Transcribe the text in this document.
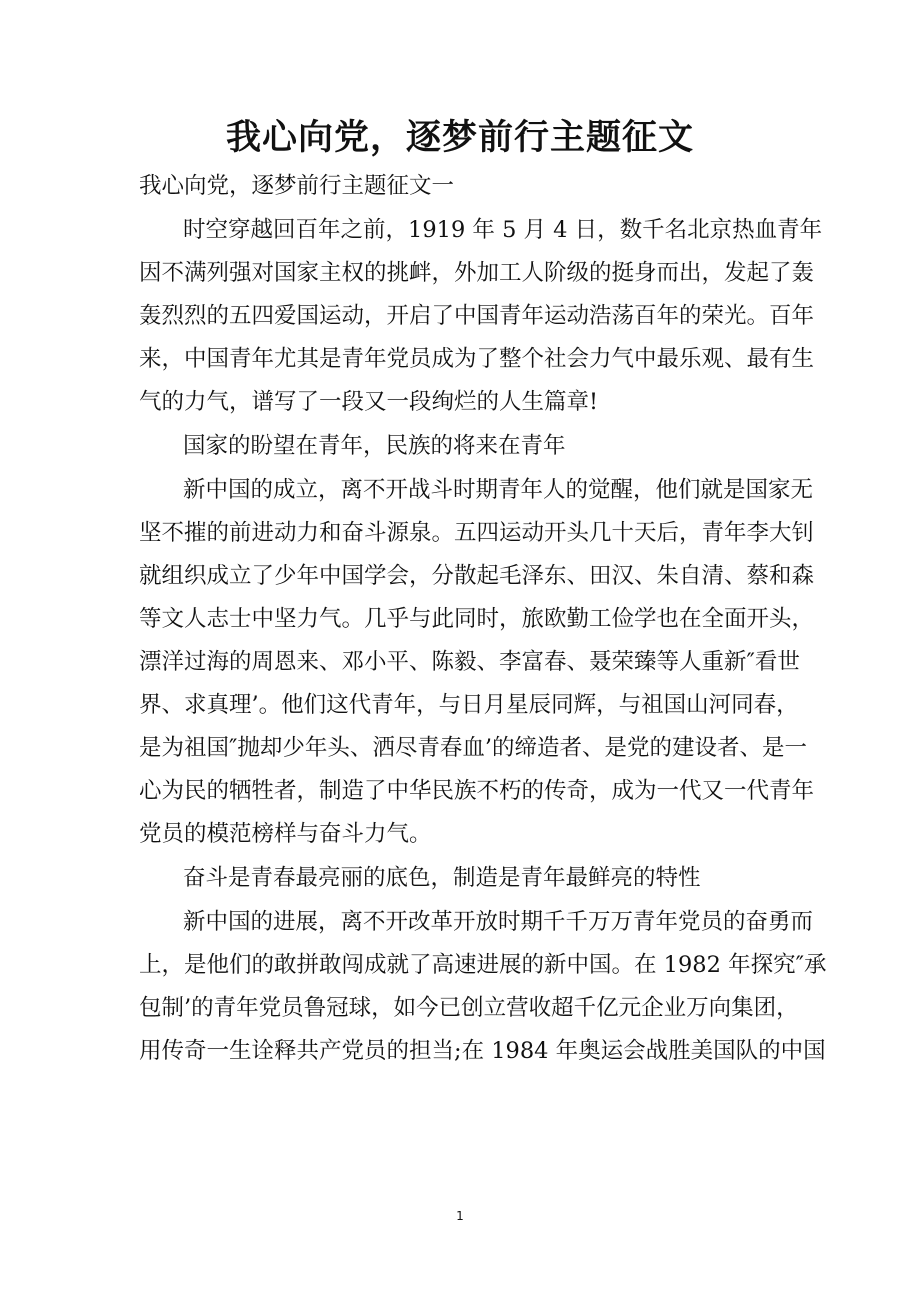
我心向党，逐梦前行主题征文
我心向党，逐梦前行主题征文一
时空穿越回百年之前，1919 年 5 月 4 日，数千名北京热血青年
因不满列强对国家主权的挑衅，外加工人阶级的挺身而出，发起了轰
轰烈烈的五四爱国运动，开启了中国青年运动浩荡百年的荣光。百年
来，中国青年尤其是青年党员成为了整个社会力气中最乐观、最有生
气的力气，谱写了一段又一段绚烂的人生篇章!
国家的盼望在青年，民族的将来在青年
新中国的成立，离不开战斗时期青年人的觉醒，他们就是国家无
坚不摧的前进动力和奋斗源泉。五四运动开头几十天后，青年李大钊
就组织成立了少年中国学会，分散起毛泽东、田汉、朱自清、蔡和森
等文人志士中坚力气。几乎与此同时，旅欧勤工俭学也在全面开头，
漂洋过海的周恩来、邓小平、陈毅、李富春、聂荣臻等人重新″看世
界、求真理’。他们这代青年，与日月星辰同辉，与祖国山河同春，
是为祖国″抛却少年头、洒尽青春血’的缔造者、是党的建设者、是一
心为民的牺牲者，制造了中华民族不朽的传奇，成为一代又一代青年
党员的模范榜样与奋斗力气。
奋斗是青春最亮丽的底色，制造是青年最鲜亮的特性
新中国的进展，离不开改革开放时期千千万万青年党员的奋勇而
上，是他们的敢拼敢闯成就了高速进展的新中国。在 1982 年探究″承
包制’的青年党员鲁冠球，如今已创立营收超千亿元企业万向集团，
用传奇一生诠释共产党员的担当;在 1984 年奥运会战胜美国队的中国
1
